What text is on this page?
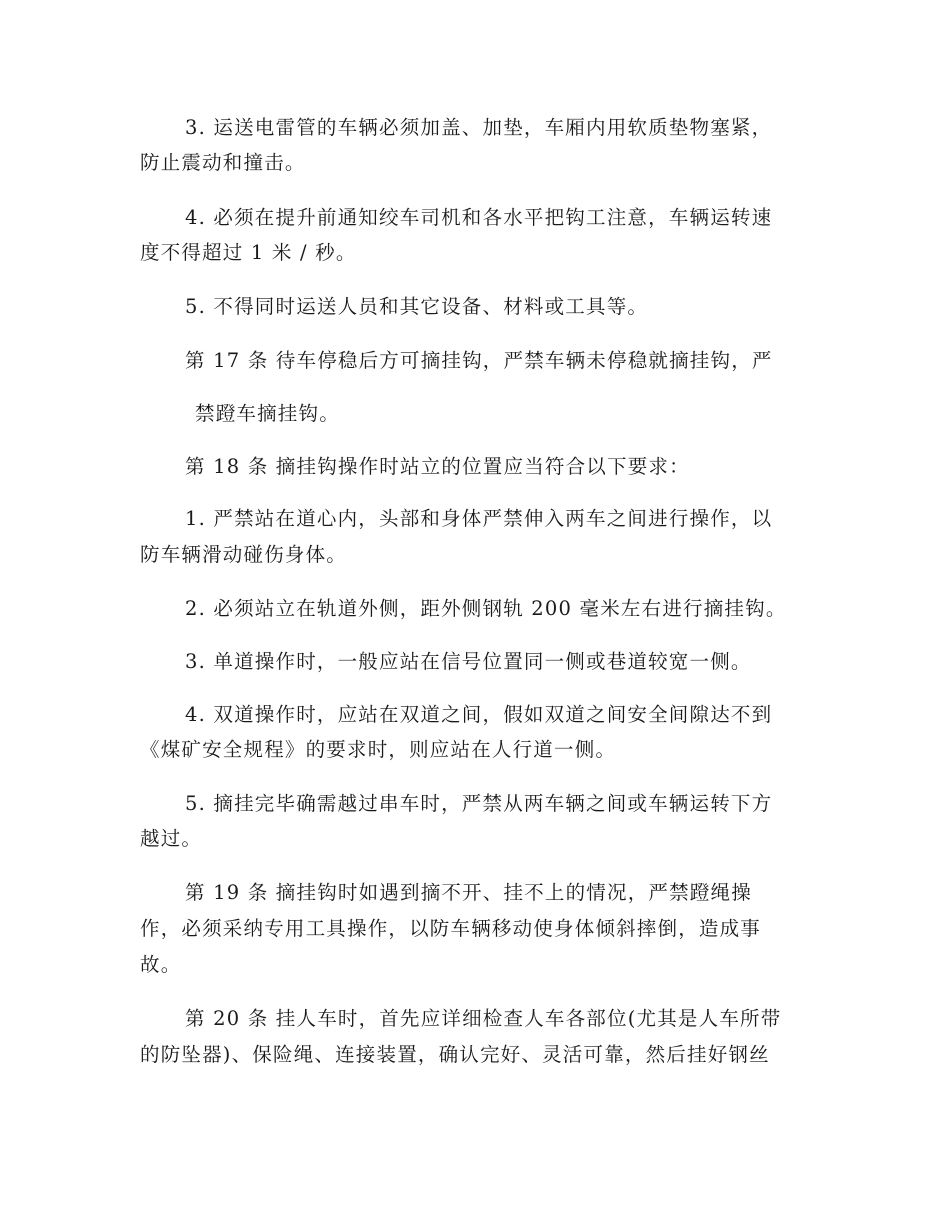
3. 运送电雷管的车辆必须加盖、加垫，车厢内用软质垫物塞紧，
防止震动和撞击。
4. 必须在提升前通知绞车司机和各水平把钩工注意，车辆运转速
度不得超过 1 米 / 秒。
5. 不得同时运送人员和其它设备、材料或工具等。
第 17 条 待车停稳后方可摘挂钩，严禁车辆未停稳就摘挂钩，严
禁蹬车摘挂钩。
第 18 条 摘挂钩操作时站立的位置应当符合以下要求：
1. 严禁站在道心内，头部和身体严禁伸入两车之间进行操作，以
防车辆滑动碰伤身体。
2. 必须站立在轨道外侧，距外侧钢轨 200 毫米左右进行摘挂钩。
3. 单道操作时，一般应站在信号位置同一侧或巷道较宽一侧。
4. 双道操作时，应站在双道之间，假如双道之间安全间隙达不到
《煤矿安全规程》的要求时，则应站在人行道一侧。
5. 摘挂完毕确需越过串车时，严禁从两车辆之间或车辆运转下方
越过。
第 19 条 摘挂钩时如遇到摘不开、挂不上的情况，严禁蹬绳操
作，必须采纳专用工具操作，以防车辆移动使身体倾斜摔倒，造成事
故。
第 20 条 挂人车时，首先应详细检查人车各部位(尤其是人车所带
的防坠器)、保险绳、连接装置，确认完好、灵活可靠，然后挂好钢丝
